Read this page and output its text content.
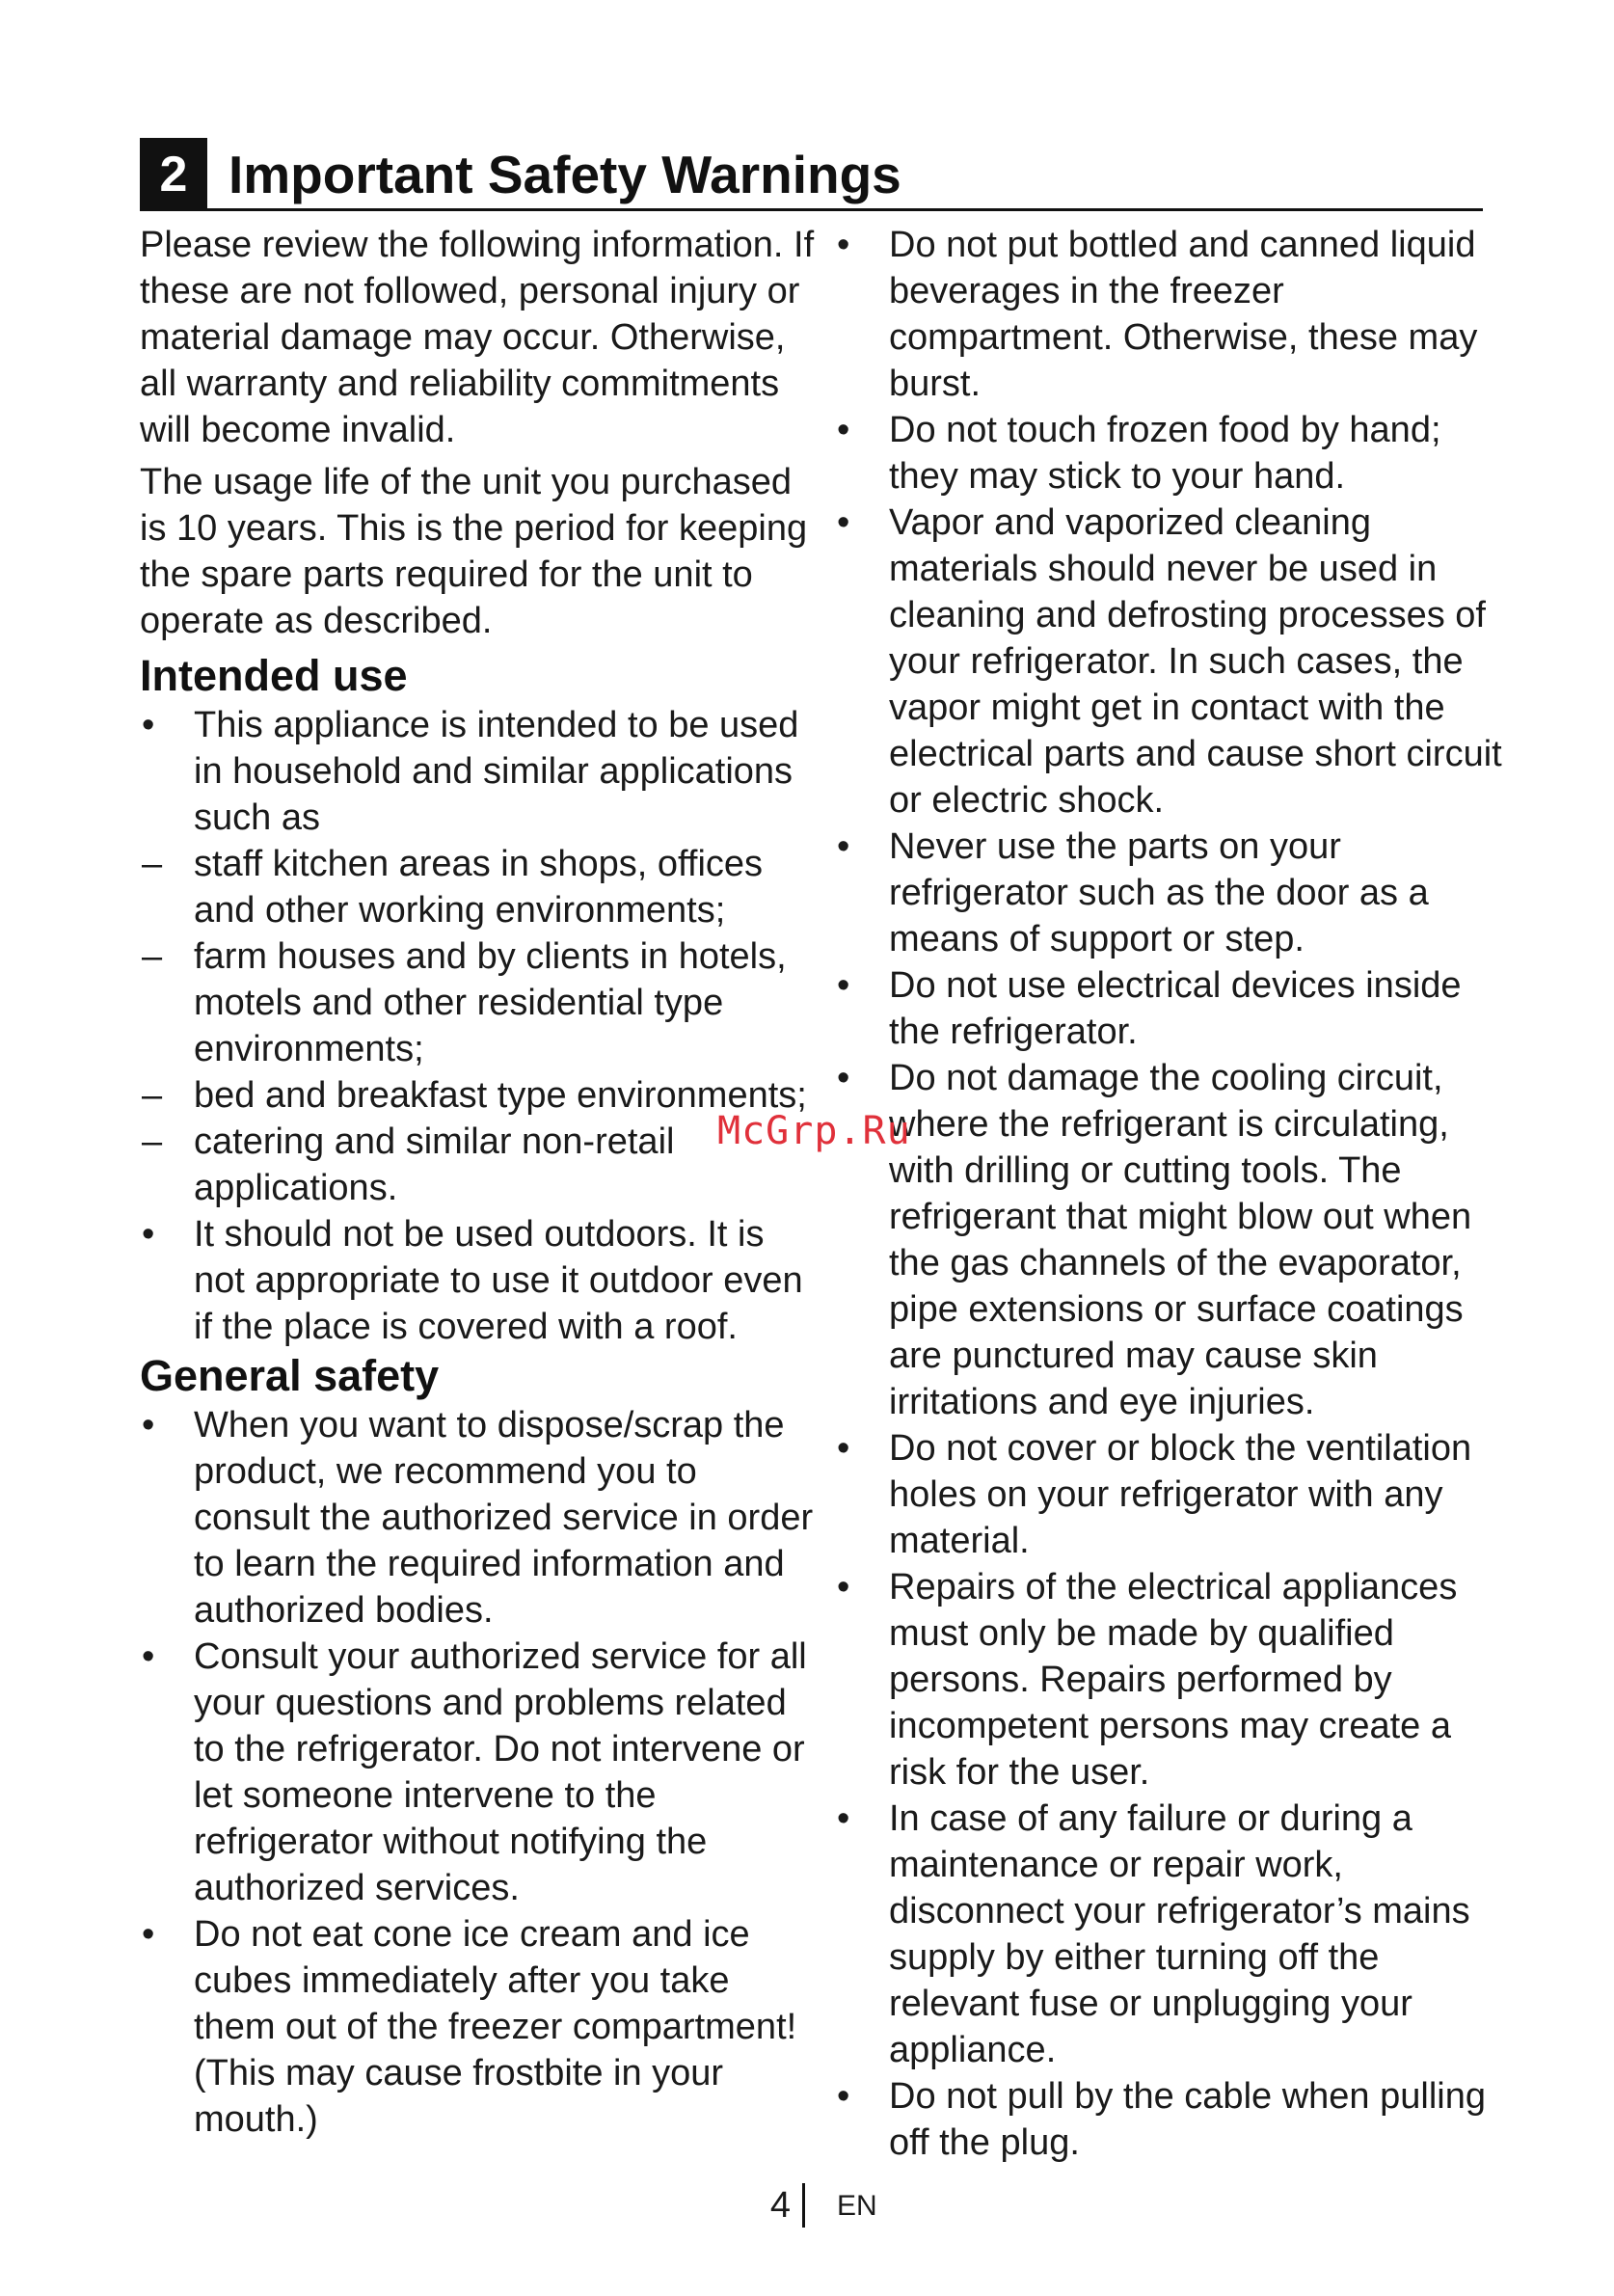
2 Important Safety Warnings

Please review the following information. If these are not followed, personal injury or material damage may occur. Otherwise, all warranty and reliability commitments will become invalid.

The usage life of the unit you purchased is 10 years. This is the period for keeping the spare parts required for the unit to operate as described.

Intended use
•	This appliance is intended to be used in household and similar applications such as
– staff kitchen areas in shops, offices and other working environments;
– farm houses and by clients in hotels, motels and other residential type environments;
– bed and breakfast type environments;
– catering and similar non-retail applications.
•	It should not be used outdoors. It is not appropriate to use it outdoor even if the place is covered with a roof.
General safety
•	When you want to dispose/scrap the product, we recommend you to consult the authorized service in order to learn the required information and authorized bodies.
•	Consult your authorized service for all your questions and problems related to the refrigerator. Do not intervene or let someone intervene to the refrigerator without notifying the authorized services.
•	Do not eat cone ice cream and ice cubes immediately after you take them out of the freezer compartment! (This may cause frostbite in your mouth.)
•	Do not put bottled and canned liquid beverages in the freezer compartment. Otherwise, these may burst.
•	Do not touch frozen food by hand; they may stick to your hand.
•	Vapor and vaporized cleaning materials should never be used in cleaning and defrosting processes of your refrigerator. In such cases, the vapor might get in contact with the electrical parts and cause short circuit or electric shock.
•	Never use the parts on your refrigerator such as the door as a means of support or step.
•	Do not use electrical devices inside the refrigerator.
•	Do not damage the cooling circuit, where the refrigerant is circulating, with drilling or cutting tools. The refrigerant that might blow out when the gas channels of the evaporator, pipe extensions or surface coatings are punctured may cause skin irritations and eye injuries.
•	Do not cover or block the ventilation holes on your refrigerator with any material.
•	Repairs of the electrical appliances must only be made by qualified persons. Repairs performed by incompetent persons may create a risk for the user.
•	In case of any failure or during a maintenance or repair work, disconnect your refrigerator’s mains supply by either turning off the relevant fuse or unplugging your appliance.
•	Do not pull by the cable when pulling off the plug.
McGrp.Ru
4 EN
